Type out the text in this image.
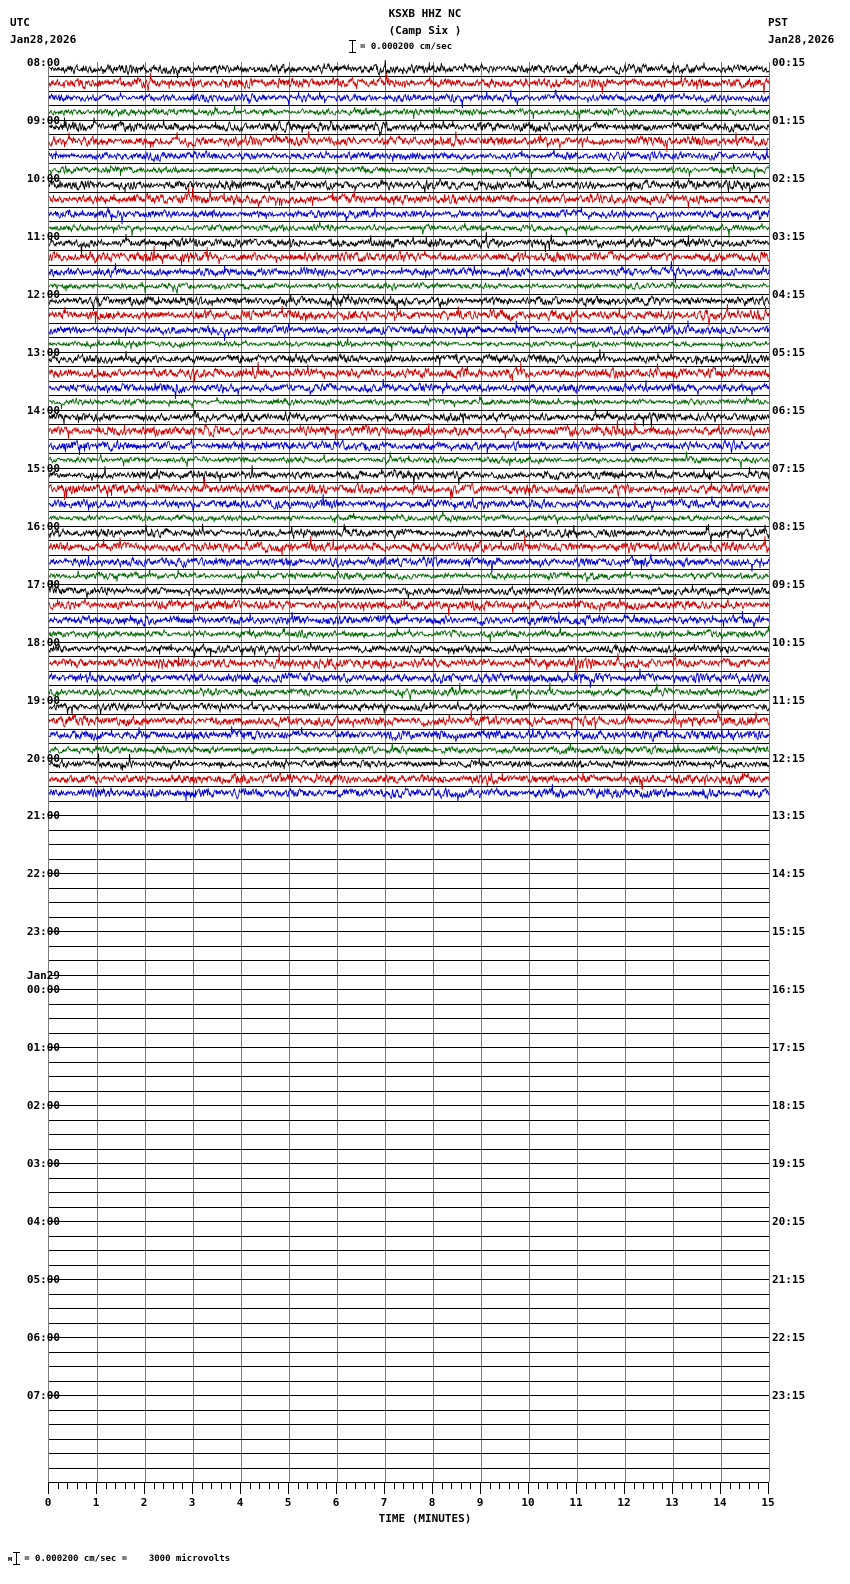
KSXB HHZ NC
(Camp Six )
UTC
Jan28,2026
PST
Jan28,2026
= 0.000200 cm/sec
TIME (MINUTES)
м = 0.000200 cm/sec =    3000 microvolts
08:00
09:00
10:00
11:00
12:00
13:00
14:00
15:00
16:00
17:00
18:00
19:00
20:00
21:00
22:00
23:00
00:00
01:00
02:00
03:00
04:00
05:00
06:00
07:00
00:15
01:15
02:15
03:15
04:15
05:15
06:15
07:15
08:15
09:15
10:15
11:15
12:15
13:15
14:15
15:15
16:15
17:15
18:15
19:15
20:15
21:15
22:15
23:15
Jan29
0	1	2	3	4	5	6	7	8	9	10	11	12	13	14	15
